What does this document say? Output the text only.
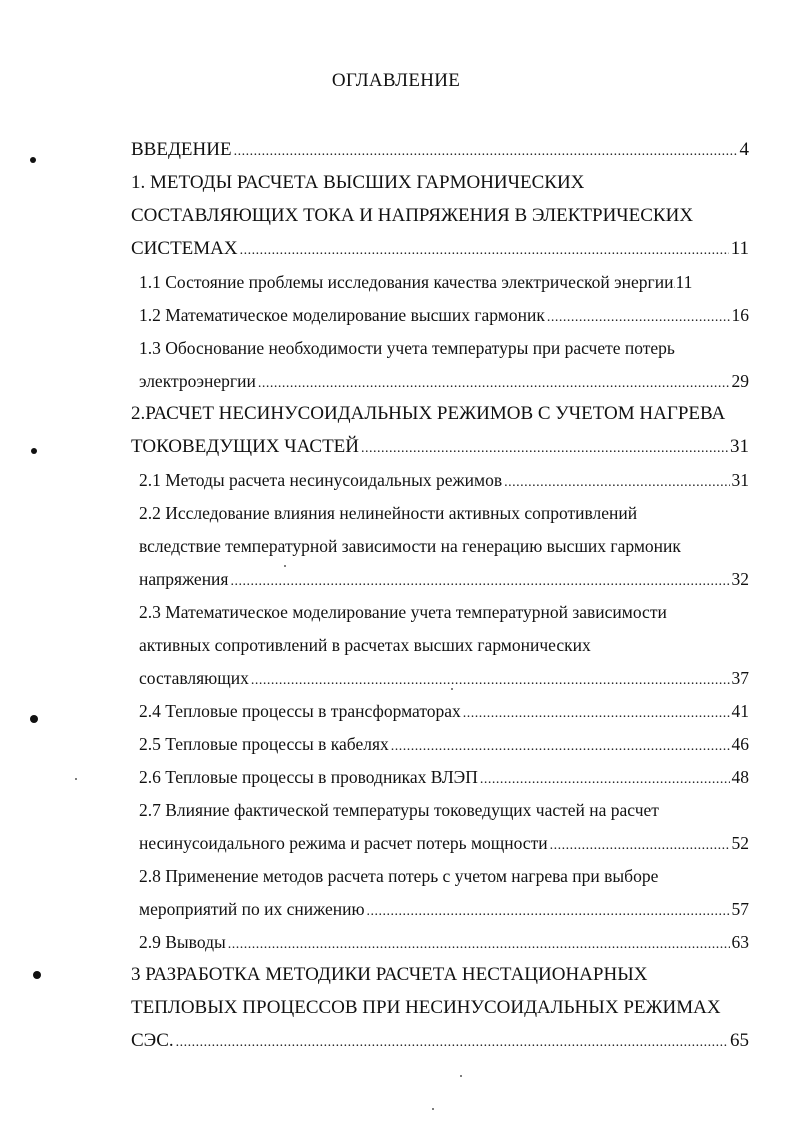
ОГЛАВЛЕНИЕ
ВВЕДЕНИЕ .....	4
1. МЕТОДЫ РАСЧЕТА ВЫСШИХ ГАРМОНИЧЕСКИХ
СОСТАВЛЯЮЩИХ ТОКА И НАПРЯЖЕНИЯ В ЭЛЕКТРИЧЕСКИХ
СИСТЕМАХ .....	11
1.1 Состояние проблемы исследования качества электрической энергии ..... 11
1.2 Математическое моделирование высших гармоник .....	16
1.3 Обоснование необходимости учета температуры при расчете потерь
электроэнергии .....	29
2.РАСЧЕТ НЕСИНУСОИДАЛЬНЫХ РЕЖИМОВ С УЧЕТОМ НАГРЕВА
ТОКОВЕДУЩИХ ЧАСТЕЙ .....	31
2.1 Методы расчета несинусоидальных режимов .....	31
2.2 Исследование влияния нелинейности активных сопротивлений
вследствие температурной зависимости на генерацию высших гармоник
напряжения .....	32
2.3 Математическое моделирование учета температурной зависимости
активных сопротивлений в расчетах высших гармонических
составляющих .....	37
2.4 Тепловые процессы в трансформаторах .....	41
2.5 Тепловые процессы в кабелях .....	46
2.6 Тепловые процессы в проводниках ВЛЭП .....	48
2.7 Влияние фактической температуры токоведущих частей на расчет
несинусоидального режима и расчет потерь мощности .....	52
2.8 Применение методов расчета потерь с учетом нагрева при выборе
мероприятий по их снижению .....	57
2.9 Выводы .....	63
3 РАЗРАБОТКА МЕТОДИКИ РАСЧЕТА НЕСТАЦИОНАРНЫХ
ТЕПЛОВЫХ ПРОЦЕССОВ ПРИ НЕСИНУСОИДАЛЬНЫХ РЕЖИМАХ
СЭС. .....	65
